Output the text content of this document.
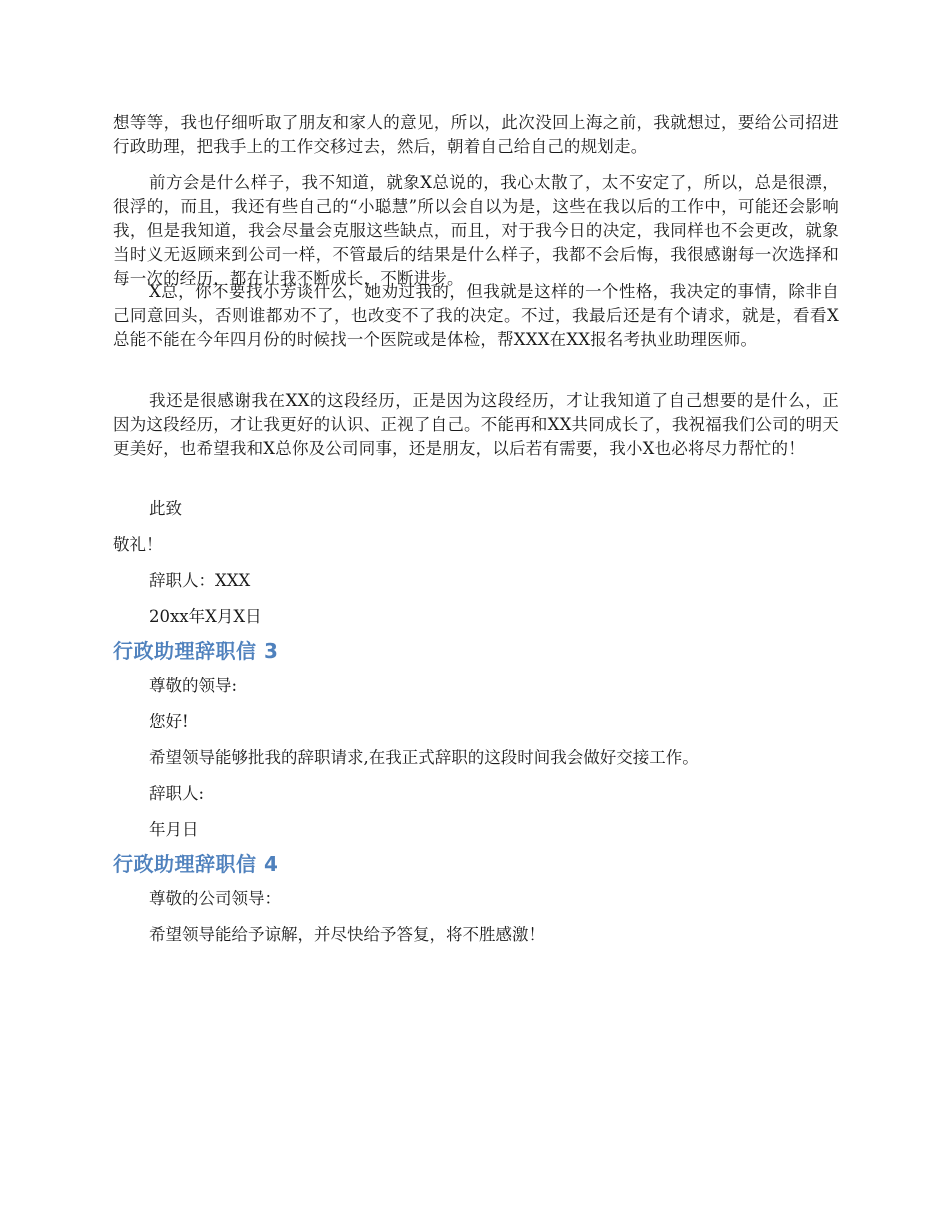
想等等，我也仔细听取了朋友和家人的意见，所以，此次没回上海之前，我就想过，要给公司招进行政助理，把我手上的工作交移过去，然后，朝着自己给自己的规划走。

前方会是什么样子，我不知道，就象X总说的，我心太散了，太不安定了，所以，总是很漂，很浮的，而且，我还有些自己的“小聪慧”所以会自以为是，这些在我以后的工作中，可能还会影响我，但是我知道，我会尽量会克服这些缺点，而且，对于我今日的决定，我同样也不会更改，就象当时义无返顾来到公司一样，不管最后的结果是什么样子，我都不会后悔，我很感谢每一次选择和每一次的经历，都在让我不断成长，不断进步。

X总，你不要找小芳谈什么，她劝过我的，但我就是这样的一个性格，我决定的事情，除非自己同意回头，否则谁都劝不了，也改变不了我的决定。不过，我最后还是有个请求，就是，看看X总能不能在今年四月份的时候找一个医院或是体检，帮XXX在XX报名考执业助理医师。

我还是很感谢我在XX的这段经历，正是因为这段经历，才让我知道了自己想要的是什么，正因为这段经历，才让我更好的认识、正视了自己。不能再和XX共同成长了，我祝福我们公司的明天更美好，也希望我和X总你及公司同事，还是朋友，以后若有需要，我小X也必将尽力帮忙的！

此致

敬礼！

辞职人：XXX

20xx年X月X日

行政助理辞职信 3

尊敬的领导:

您好!

希望领导能够批我的辞职请求,在我正式辞职的这段时间我会做好交接工作。

辞职人:

年月日

行政助理辞职信 4

尊敬的公司领导：

希望领导能给予谅解，并尽快给予答复，将不胜感激！
